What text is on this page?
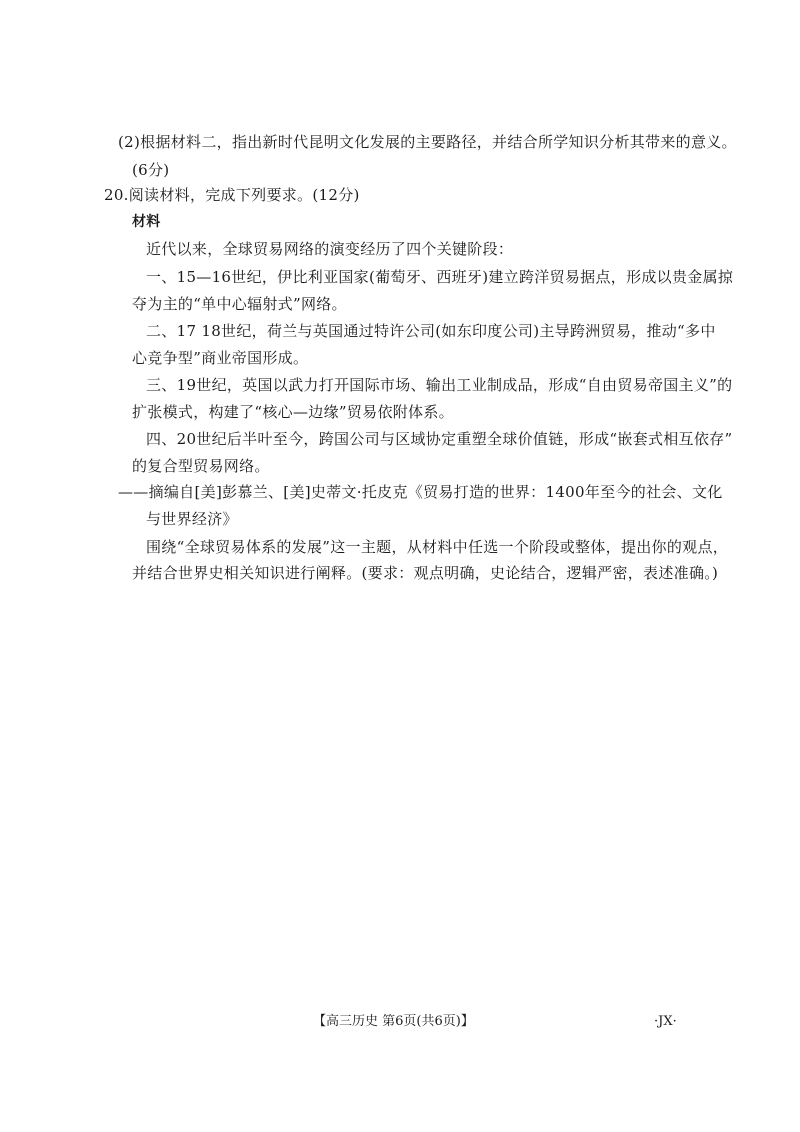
(2)根据材料二，指出新时代昆明文化发展的主要路径，并结合所学知识分析其带来的意义。
(6分)
20.阅读材料，完成下列要求。(12分)
材料
近代以来，全球贸易网络的演变经历了四个关键阶段：
一、15—16世纪，伊比利亚国家(葡萄牙、西班牙)建立跨洋贸易据点，形成以贵金属掠
夺为主的“单中心辐射式”网络。
二、17 18世纪，荷兰与英国通过特许公司(如东印度公司)主导跨洲贸易，推动“多中
心竞争型”商业帝国形成。
三、19世纪，英国以武力打开国际市场、输出工业制成品，形成“自由贸易帝国主义”的
扩张模式，构建了“核心—边缘”贸易依附体系。
四、20世纪后半叶至今，跨国公司与区域协定重塑全球价值链，形成“嵌套式相互依存”
的复合型贸易网络。
——摘编自[美]彭慕兰、[美]史蒂文·托皮克《贸易打造的世界：1400年至今的社会、文化
与世界经济》
围绕“全球贸易体系的发展”这一主题，从材料中任选一个阶段或整体，提出你的观点，
并结合世界史相关知识进行阐释。(要求：观点明确，史论结合，逻辑严密，表述准确。)
【高三历史 第6页(共6页)】	·JX·
